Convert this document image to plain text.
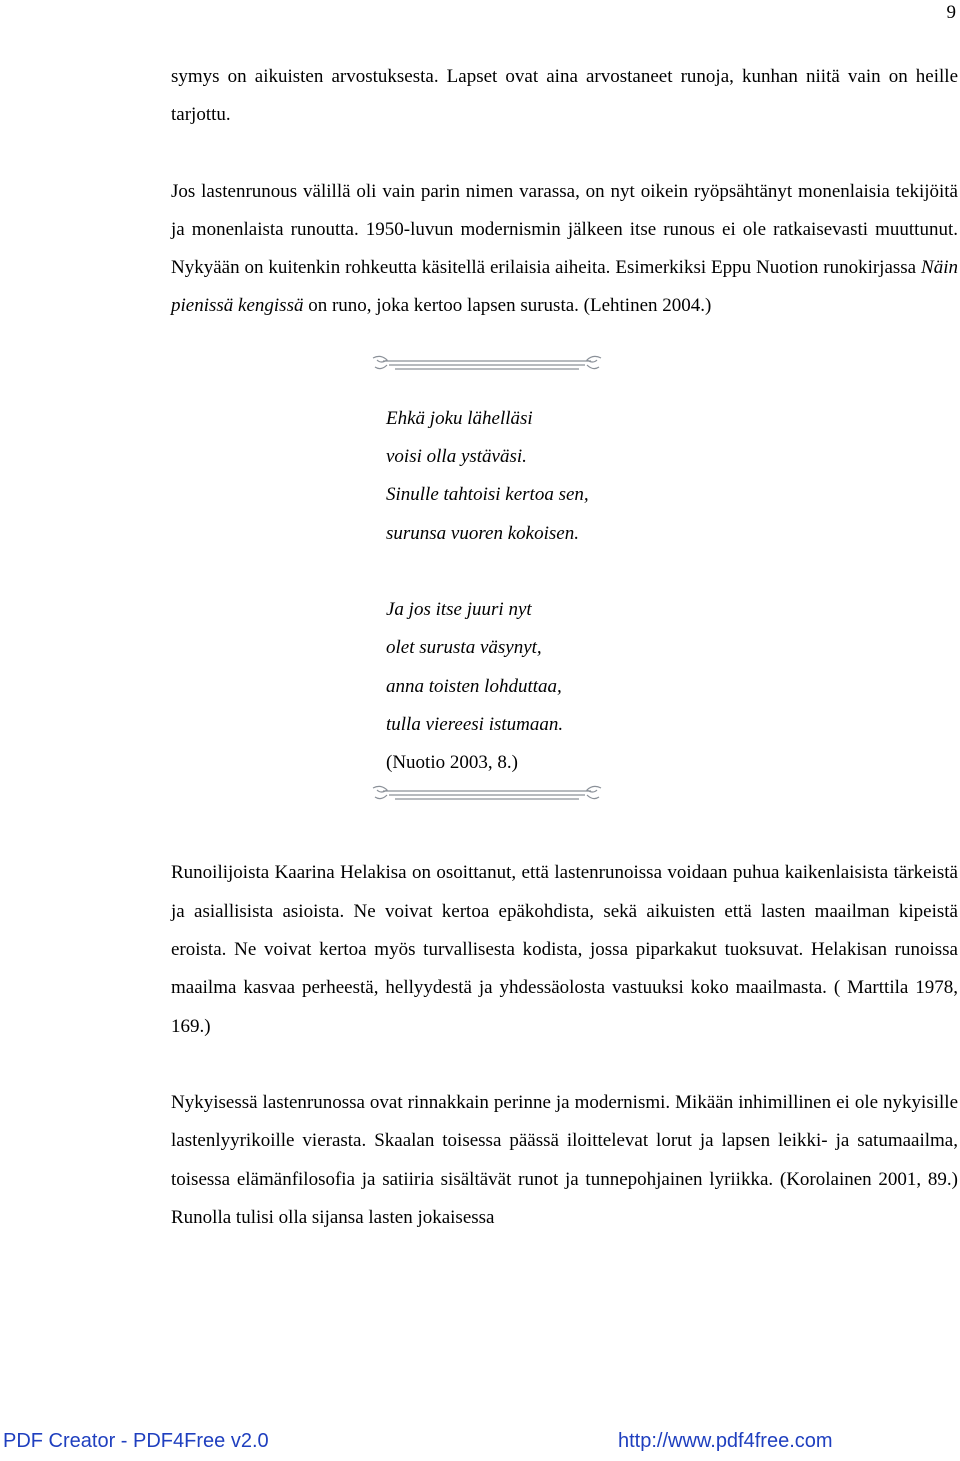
9

symys on aikuisten arvostuksesta. Lapset ovat aina arvostaneet runoja, kunhan niitä vain on heille tarjottu.

Jos lastenrunous välillä oli vain parin nimen varassa, on nyt oikein ryöpsähtänyt monenlaisia tekijöitä ja monenlaista runoutta. 1950-luvun modernismin jälkeen itse runous ei ole ratkaisevasti muuttunut. Nykyään on kuitenkin rohkeutta käsitellä erilaisia aiheita. Esimerkiksi Eppu Nuotion runokirjassa Näin pienissä kengissä on runo, joka kertoo lapsen surusta. (Lehtinen 2004.)

Ehkä joku lähelläsi
voisi olla ystäväsi.
Sinulle tahtoisi kertoa sen,
surunsa vuoren kokoisen.
Ja jos itse juuri nyt
olet surusta väsynyt,
anna toisten lohduttaa,
tulla viereesi istumaan.
(Nuotio 2003, 8.)

Runoilijoista Kaarina Helakisa on osoittanut, että lastenrunoissa voidaan puhua kaikenlaisista tärkeistä ja asiallisista asioista. Ne voivat kertoa epäkohdista, sekä aikuisten että lasten maailman kipeistä eroista. Ne voivat kertoa myös turvallisesta kodista, jossa piparkakut tuoksuvat. Helakisan runoissa maailma kasvaa perheestä, hellyydestä ja yhdessäolosta vastuuksi koko maailmasta. ( Marttila 1978, 169.)

Nykyisessä lastenrunossa ovat rinnakkain perinne ja modernismi. Mikään inhimillinen ei ole nykyisille lastenlyyrikoille vierasta. Skaalan toisessa päässä iloittelevat lorut ja lapsen leikki- ja satumaailma, toisessa elämänfilosofia ja satiiria sisältävät runot ja tunnepohjainen lyriikka. (Korolainen 2001, 89.) Runolla tulisi olla sijansa lasten jokaisessa

PDF Creator - PDF4Free v2.0	http://www.pdf4free.com
